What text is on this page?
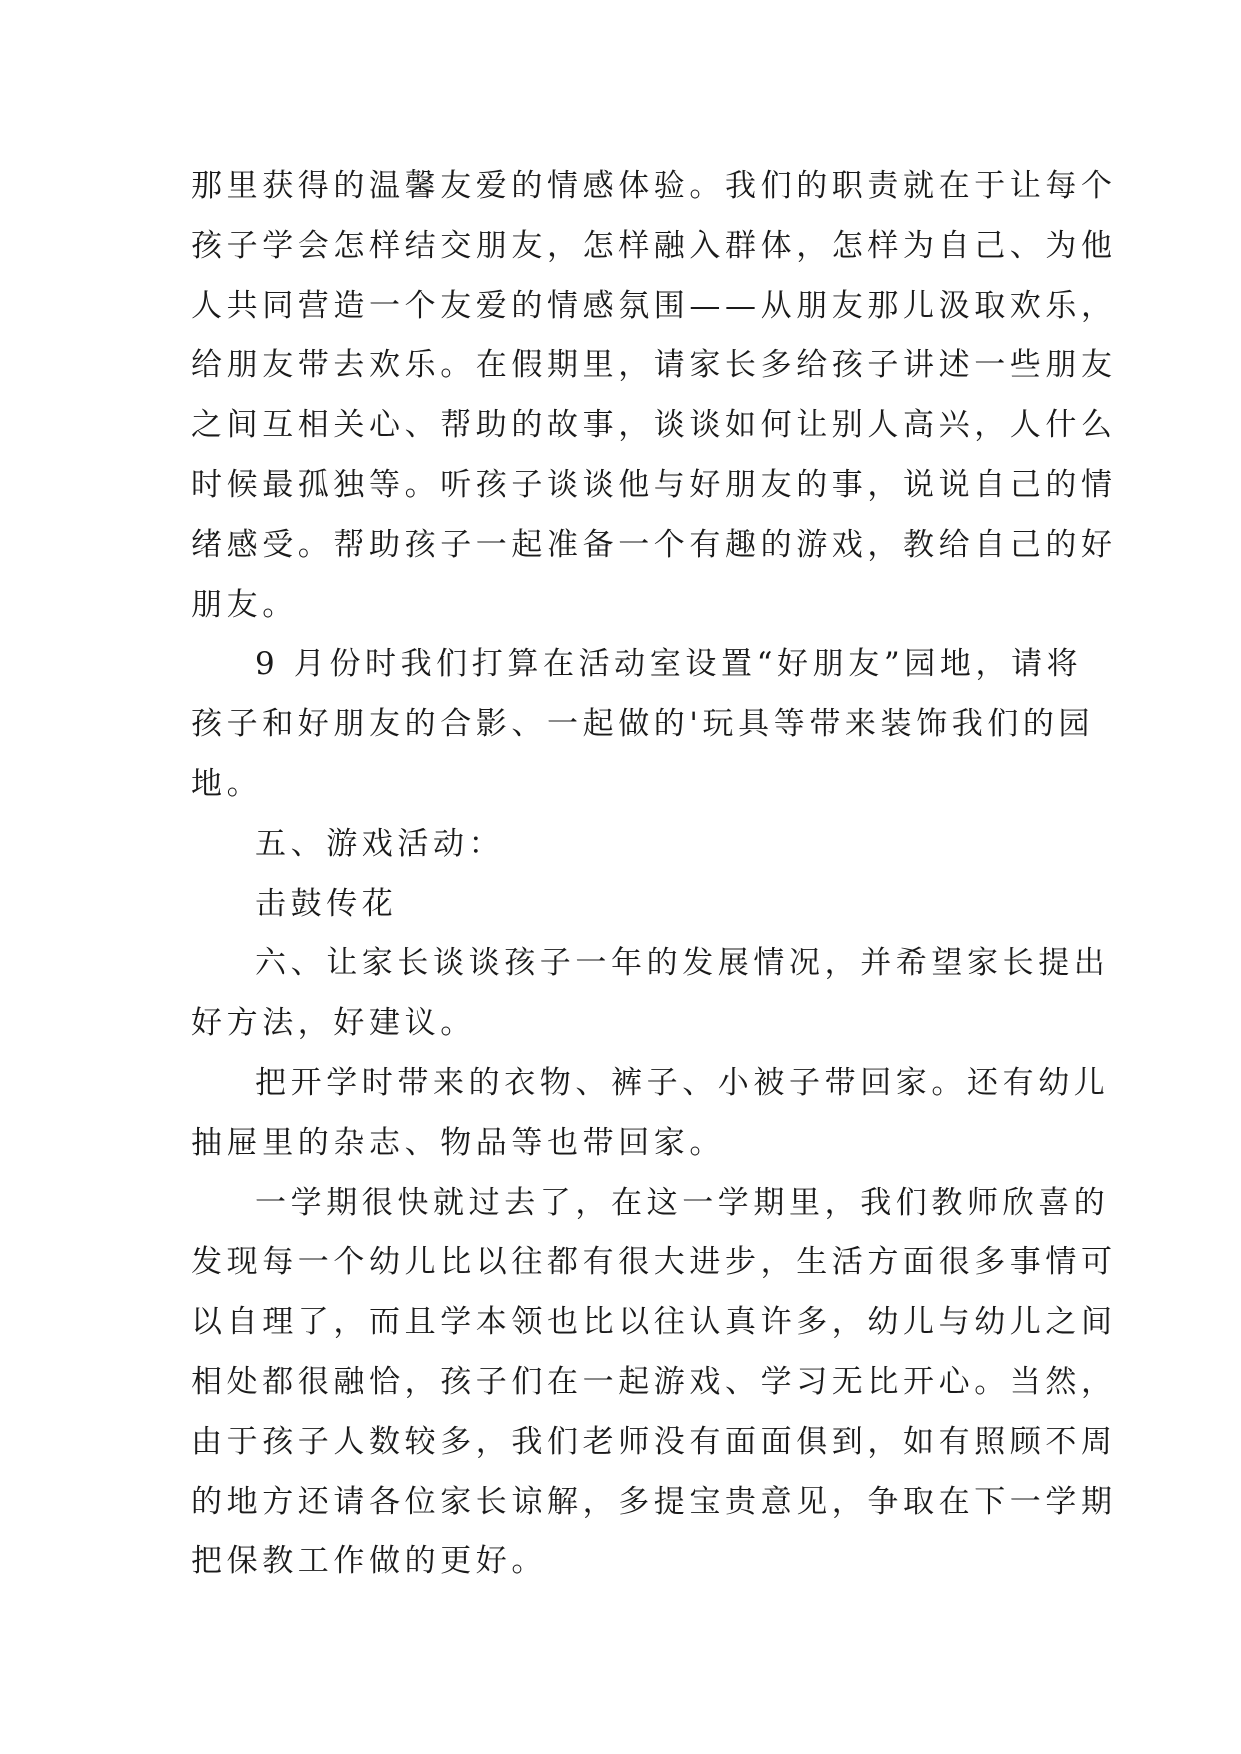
那里获得的温馨友爱的情感体验。我们的职责就在于让每个
孩子学会怎样结交朋友，怎样融入群体，怎样为自己、为他
人共同营造一个友爱的情感氛围——从朋友那儿汲取欢乐，
给朋友带去欢乐。在假期里，请家长多给孩子讲述一些朋友
之间互相关心、帮助的故事，谈谈如何让别人高兴，人什么
时候最孤独等。听孩子谈谈他与好朋友的事，说说自己的情
绪感受。帮助孩子一起准备一个有趣的游戏，教给自己的好
朋友。
9 月份时我们打算在活动室设置“好朋友”园地，请将
孩子和好朋友的合影、一起做的'玩具等带来装饰我们的园
地。
五、游戏活动：
击鼓传花
六、让家长谈谈孩子一年的发展情况，并希望家长提出
好方法，好建议。
把开学时带来的衣物、裤子、小被子带回家。还有幼儿
抽屉里的杂志、物品等也带回家。
一学期很快就过去了，在这一学期里，我们教师欣喜的
发现每一个幼儿比以往都有很大进步，生活方面很多事情可
以自理了，而且学本领也比以往认真许多，幼儿与幼儿之间
相处都很融恰，孩子们在一起游戏、学习无比开心。当然，
由于孩子人数较多，我们老师没有面面俱到，如有照顾不周
的地方还请各位家长谅解，多提宝贵意见，争取在下一学期
把保教工作做的更好。
